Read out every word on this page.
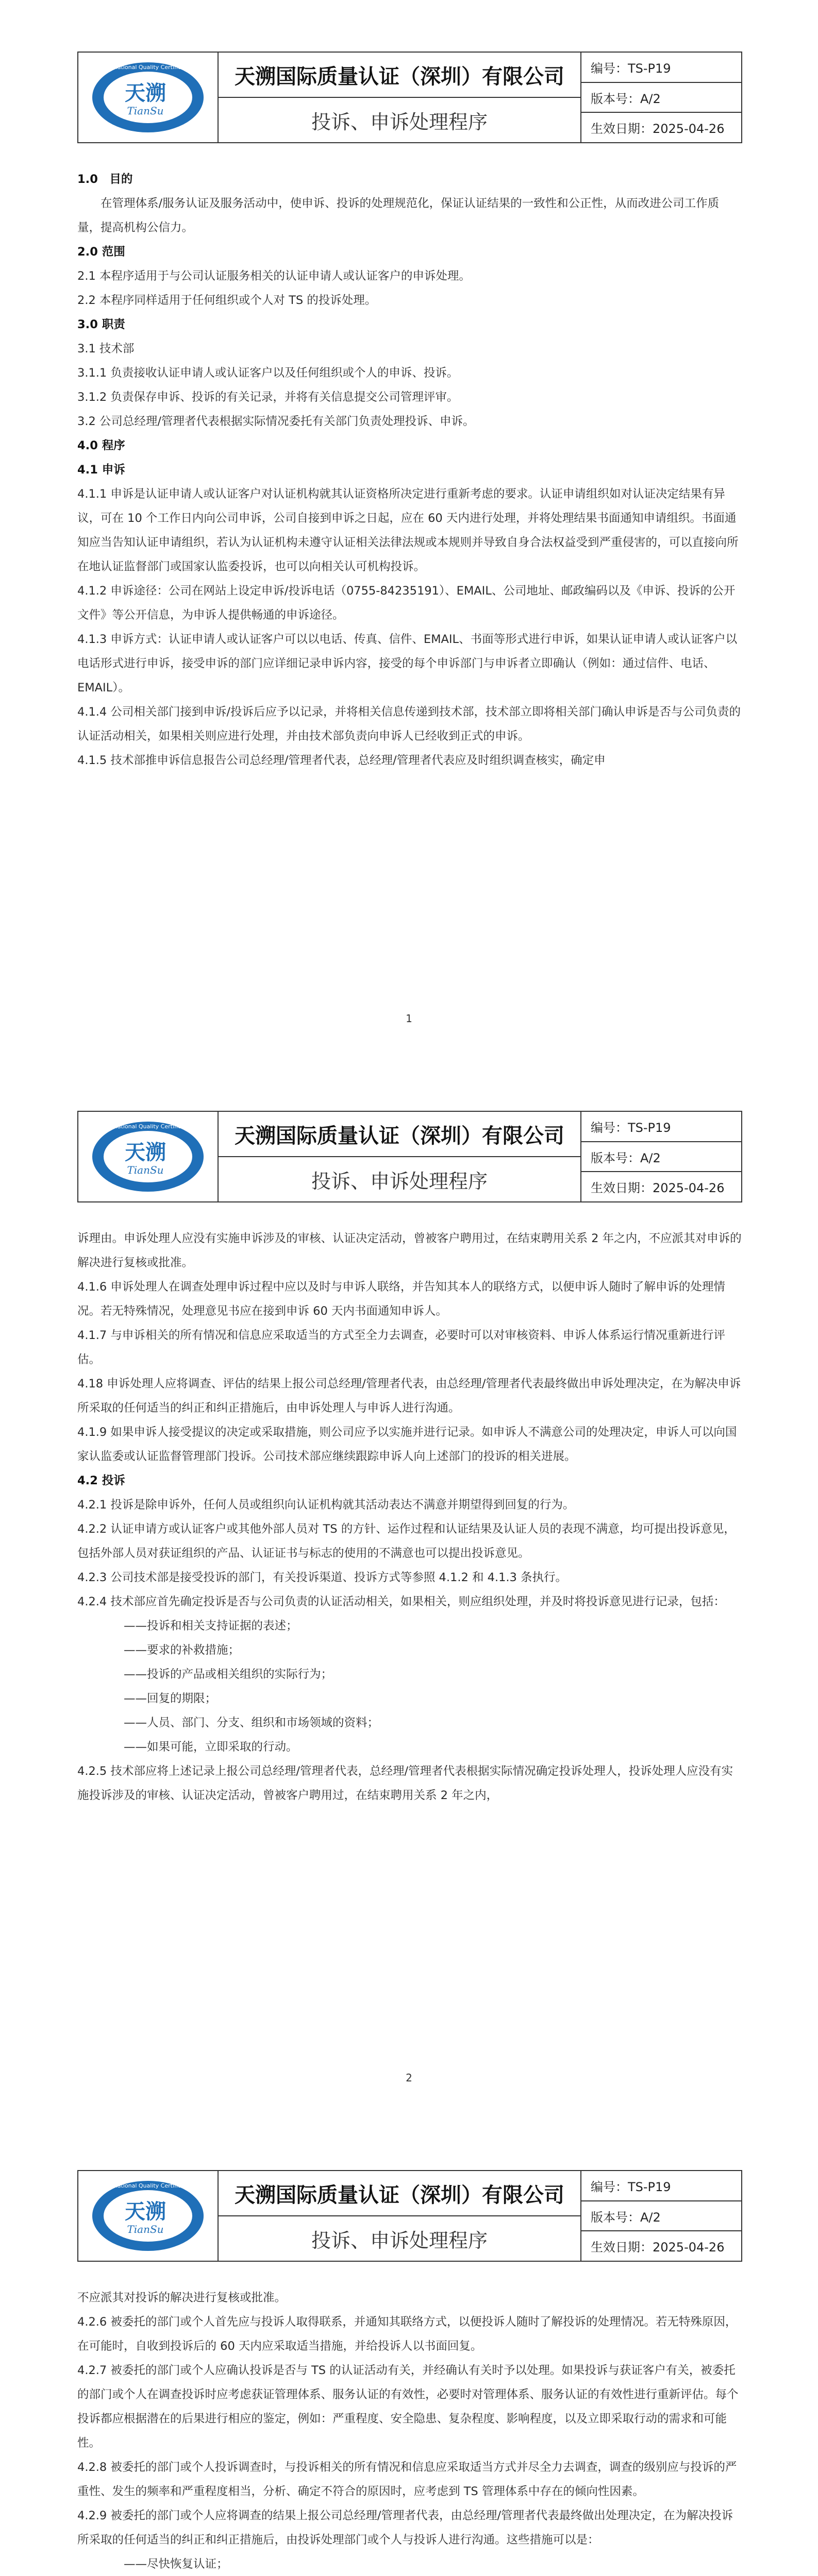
International Quality Certification
天溯
TianSu
天溯国际质量认证（深圳）有限公司
投诉、申诉处理程序
编号：TS-P19
版本号：A/2
生效日期：2025-04-26

1.0　目的

在管理体系/服务认证及服务活动中，使申诉、投诉的处理规范化，保证认证结果的一致性和公正性，从而改进公司工作质量，提高机构公信力。

2.0 范围

2.1 本程序适用于与公司认证服务相关的认证申请人或认证客户的申诉处理。

2.2 本程序同样适用于任何组织或个人对 TS 的投诉处理。

3.0 职责

3.1 技术部

3.1.1 负责接收认证申请人或认证客户以及任何组织或个人的申诉、投诉。

3.1.2 负责保存申诉、投诉的有关记录，并将有关信息提交公司管理评审。

3.2 公司总经理/管理者代表根据实际情况委托有关部门负责处理投诉、申诉。

4.0 程序

4.1 申诉

4.1.1 申诉是认证申请人或认证客户对认证机构就其认证资格所决定进行重新考虑的要求。认证申请组织如对认证决定结果有异议，可在 10 个工作日内向公司申诉，公司自接到申诉之日起，应在 60 天内进行处理，并将处理结果书面通知申请组织。书面通知应当告知认证申请组织，若认为认证机构未遵守认证相关法律法规或本规则并导致自身合法权益受到严重侵害的，可以直接向所在地认证监督部门或国家认监委投诉，也可以向相关认可机构投诉。

4.1.2 申诉途径：公司在网站上设定申诉/投诉电话（0755-84235191）、EMAIL、公司地址、邮政编码以及《申诉、投诉的公开文件》等公开信息，为申诉人提供畅通的申诉途径。

4.1.3 申诉方式：认证申请人或认证客户可以以电话、传真、信件、EMAIL、书面等形式进行申诉，如果认证申请人或认证客户以电话形式进行申诉，接受申诉的部门应详细记录申诉内容，接受的每个申诉部门与申诉者立即确认（例如：通过信件、电话、EMAIL）。

4.1.4 公司相关部门接到申诉/投诉后应予以记录，并将相关信息传递到技术部，技术部立即将相关部门确认申诉是否与公司负责的认证活动相关，如果相关则应进行处理，并由技术部负责向申诉人已经收到正式的申诉。

4.1.5 技术部推申诉信息报告公司总经理/管理者代表，总经理/管理者代表应及时组织调查核实，确定申

1
International Quality Certification
天溯
TianSu
天溯国际质量认证（深圳）有限公司
投诉、申诉处理程序
编号：TS-P19
版本号：A/2
生效日期：2025-04-26

诉理由。申诉处理人应没有实施申诉涉及的审核、认证决定活动，曾被客户聘用过，在结束聘用关系 2 年之内，不应派其对申诉的解决进行复核或批准。

4.1.6 申诉处理人在调查处理申诉过程中应以及时与申诉人联络，并告知其本人的联络方式，以便申诉人随时了解申诉的处理情况。若无特殊情况，处理意见书应在接到申诉 60 天内书面通知申诉人。

4.1.7 与申诉相关的所有情况和信息应采取适当的方式至全力去调查，必要时可以对审核资料、申诉人体系运行情况重新进行评估。

4.18 申诉处理人应将调查、评估的结果上报公司总经理/管理者代表，由总经理/管理者代表最终做出申诉处理决定，在为解决申诉所采取的任何适当的纠正和纠正措施后，由申诉处理人与申诉人进行沟通。

4.1.9 如果申诉人接受提议的决定或采取措施，则公司应予以实施并进行记录。如申诉人不满意公司的处理决定，申诉人可以向国家认监委或认证监督管理部门投诉。公司技术部应继续跟踪申诉人向上述部门的投诉的相关进展。

4.2 投诉

4.2.1 投诉是除申诉外，任何人员或组织向认证机构就其活动表达不满意并期望得到回复的行为。

4.2.2 认证申请方或认证客户或其他外部人员对 TS 的方针、运作过程和认证结果及认证人员的表现不满意，均可提出投诉意见，包括外部人员对获证组织的产品、认证证书与标志的使用的不满意也可以提出投诉意见。

4.2.3 公司技术部是接受投诉的部门，有关投诉渠道、投诉方式等参照 4.1.2 和 4.1.3 条执行。

4.2.4 技术部应首先确定投诉是否与公司负责的认证活动相关，如果相关，则应组织处理，并及时将投诉意见进行记录，包括：

——投诉和相关支持证据的表述；

——要求的补救措施；

——投诉的产品或相关组织的实际行为；

——回复的期限；

——人员、部门、分支、组织和市场领域的资料；

——如果可能，立即采取的行动。

4.2.5 技术部应将上述记录上报公司总经理/管理者代表，总经理/管理者代表根据实际情况确定投诉处理人，投诉处理人应没有实施投诉涉及的审核、认证决定活动，曾被客户聘用过，在结束聘用关系 2 年之内，

2
International Quality Certification
天溯
TianSu
天溯国际质量认证（深圳）有限公司
投诉、申诉处理程序
编号：TS-P19
版本号：A/2
生效日期：2025-04-26

不应派其对投诉的解决进行复核或批准。

4.2.6 被委托的部门或个人首先应与投诉人取得联系，并通知其联络方式，以便投诉人随时了解投诉的处理情况。若无特殊原因，在可能时，自收到投诉后的 60 天内应采取适当措施，并给投诉人以书面回复。

4.2.7 被委托的部门或个人应确认投诉是否与 TS 的认证活动有关，并经确认有关时予以处理。如果投诉与获证客户有关，被委托的部门或个人在调查投诉时应考虑获证管理体系、服务认证的有效性，必要时对管理体系、服务认证的有效性进行重新评估。每个投诉都应根据潜在的后果进行相应的鉴定，例如：严重程度、安全隐患、复杂程度、影响程度，以及立即采取行动的需求和可能性。

4.2.8 被委托的部门或个人投诉调查时，与投诉相关的所有情况和信息应采取适当方式并尽全力去调查，调查的级别应与投诉的严重性、发生的频率和严重程度相当，分析、确定不符合的原因时，应考虑到 TS 管理体系中存在的倾向性因素。

4.2.9 被委托的部门或个人应将调查的结果上报公司总经理/管理者代表，由总经理/管理者代表最终做出处理决定，在为解决投诉所采取的任何适当的纠正和纠正措施后，由投诉处理部门或个人与投诉人进行沟通。这些措施可以是：

——尽快恢复认证；
